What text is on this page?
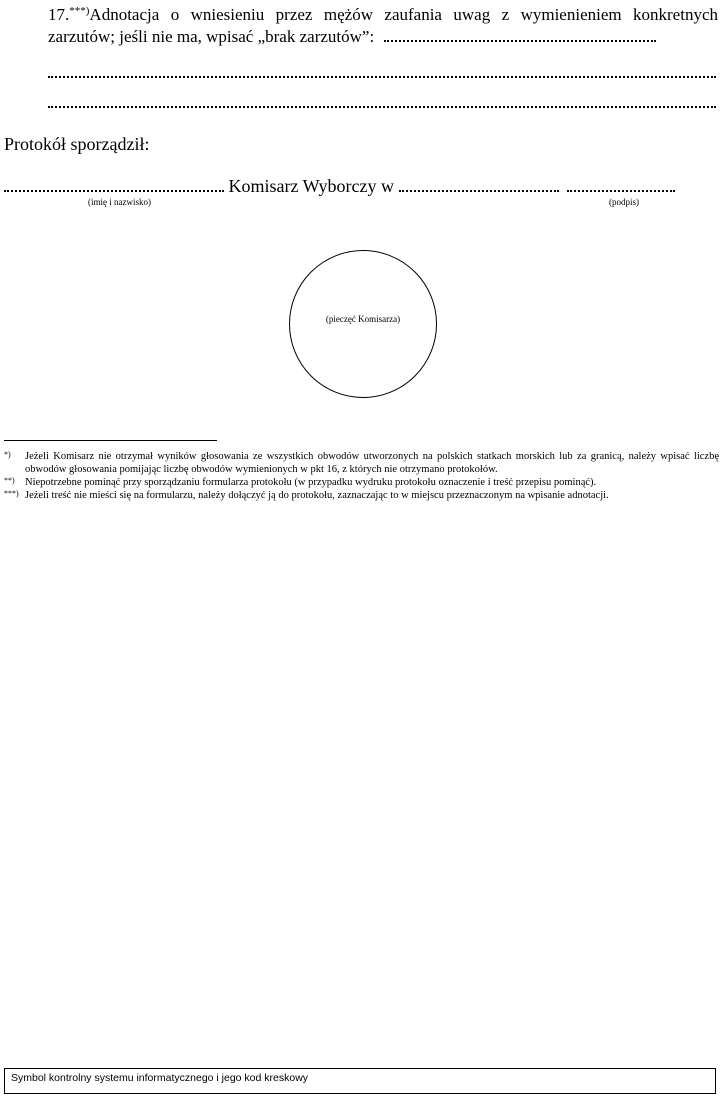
17.***)Adnotacja o wniesieniu przez mężów zaufania uwag z wymienieniem konkretnych
zarzutów; jeśli nie ma, wpisać „brak zarzutów”:
Protokół sporządził:
Komisarz Wyborczy w
(imię i nazwisko)	(podpis)
(pieczęć Komisarza)
*) Jeżeli Komisarz nie otrzymał wyników głosowania ze wszystkich obwodów utworzonych na polskich statkach morskich lub za granicą, należy wpisać liczbę obwodów głosowania pomijając liczbę obwodów wymienionych w pkt 16, z których nie otrzymano protokołów.
**) Niepotrzebne pominąć przy sporządzaniu formularza protokołu (w przypadku wydruku protokołu oznaczenie i treść przepisu pominąć).
***) Jeżeli treść nie mieści się na formularzu, należy dołączyć ją do protokołu, zaznaczając to w miejscu przeznaczonym na wpisanie adnotacji.
Symbol kontrolny systemu informatycznego i jego kod kreskowy
